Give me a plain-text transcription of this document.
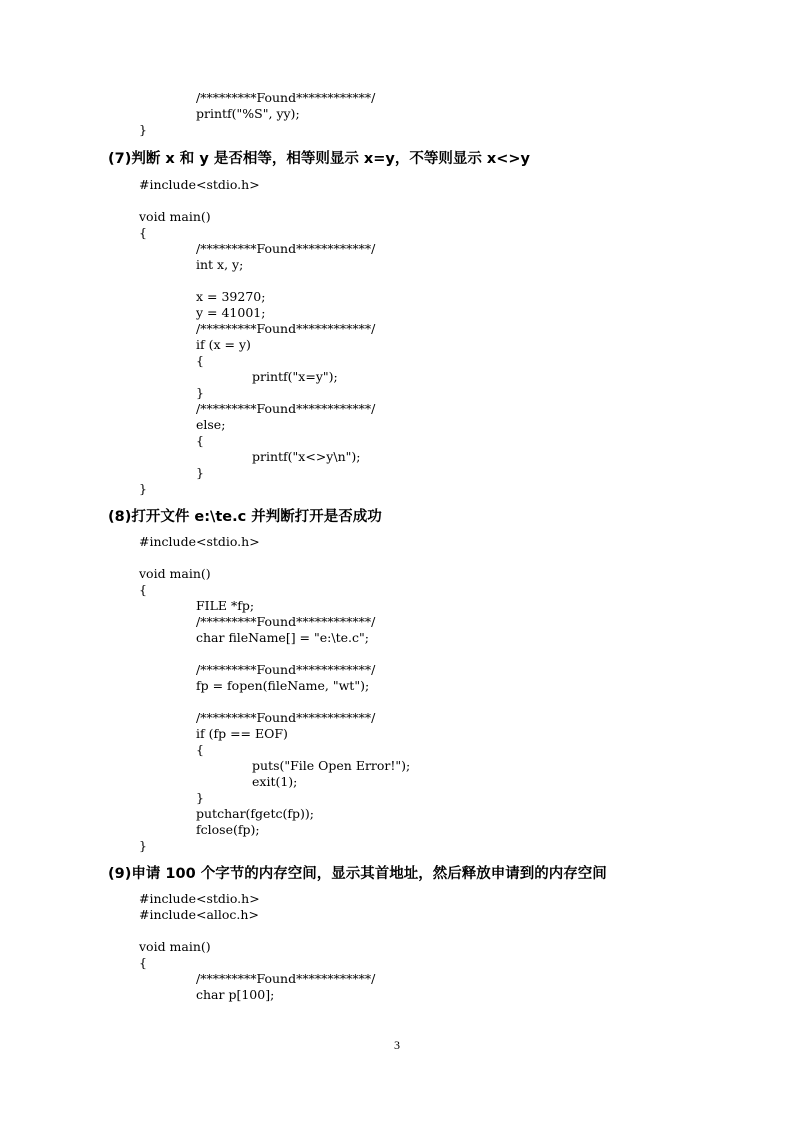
/*********Found************/
printf("%S", yy);
}
(7)判断 x 和 y 是否相等，相等则显示 x=y，不等则显示 x<>y
#include<stdio.h>
void main()
{
/*********Found************/
int x, y;
x = 39270;
y = 41001;
/*********Found************/
if (x = y)
{
printf("x=y");
}
/*********Found************/
else;
{
printf("x<>y\n");
}
}
(8)打开文件 e:\te.c 并判断打开是否成功
#include<stdio.h>
void main()
{
FILE *fp;
/*********Found************/
char fileName[] = "e:\te.c";
/*********Found************/
fp = fopen(fileName, "wt");
/*********Found************/
if (fp == EOF)
{
puts("File Open Error!");
exit(1);
}
putchar(fgetc(fp));
fclose(fp);
}
(9)申请 100 个字节的内存空间，显示其首地址，然后释放申请到的内存空间
#include<stdio.h>
#include<alloc.h>
void main()
{
/*********Found************/
char p[100];
3
